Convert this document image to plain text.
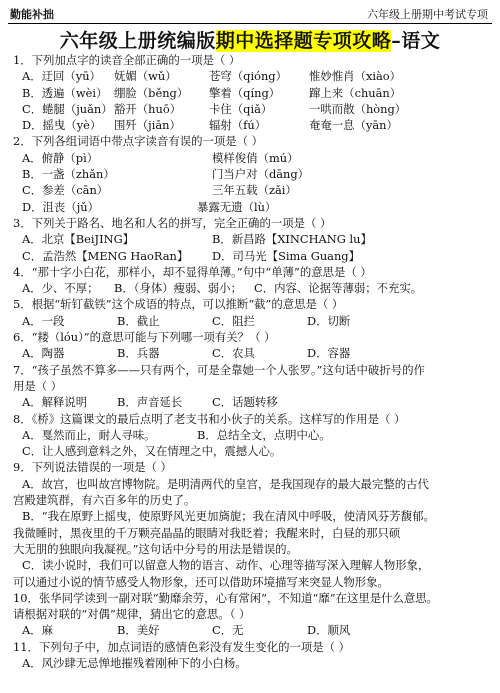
勤能补拙	六年级上册期中考试专项
六年级上册统编版期中选择题专项攻略–语文
1．下列加点字的读音全部正确的一项是（ ）
A．迂回（yū） 妩媚（wǔ）	苍穹（qióng） 惟妙惟肖（xiào）
B．透遍（wèi） 绷脸（běng） 擎着（qíng）	蹿上来（chuān）
C．蜷腿（juǎn）豁开（huō） 卡住（qiǎ）	一哄而散（hòng）
D．摇曳（yè） 围歼（jiān） 辐射（fú）	奄奄一息（yān）
2．下列各组词语中带点字读音有误的一项是（ ）
A．俯静（pì）	模样俊俏（mú）
B．一盏（zhǎn）	门当户对（dāng）
C．参差（cān）	三年五载（zǎi）
D．沮丧（jǔ）	暴露无遗（lù）
3．下列关于路名、地名和人名的拼写，完全正确的一项是（ ）
A．北京【BeiJING】	B．新昌路【XINCHANG lu】
C．孟浩然【MENG HaoRan】 D．司马光【Sima Guang】
4．“那十字小白花，那样小，却不显得单薄。”句中“单薄”的意思是（ ）
A．少、不厚； B．（身体）瘦弱、弱小； C．内容、论据等薄弱；不充实。
5．根据“斩钉截铁”这个成语的特点，可以推断“截”的意思是（ ）
A．一段	B．截止	C．阻拦	D．切断
6．“耧（lóu）”的意思可能与下列哪一项有关？（ ）
A．陶器	B．兵器	C．农具	D．容器
7．“孩子虽然不算多——只有两个，可是全靠她一个人张罗。”这句话中破折号的作
用是（ ）
A．解释说明	B．声音延长	C．话题转移
8．《桥》这篇课文的最后点明了老支书和小伙子的关系。这样写的作用是（ ）
A．戛然而止，耐人寻味。	B．总结全文，点明中心。
C．让人感到意料之外，又在情理之中，震撼人心。
9．下列说法错误的一项是（ ）
A．故宫，也叫故宫博物院。是明清两代的皇宫，是我国现存的最大最完整的古代
宫殿建筑群，有六百多年的历史了。
B．“我在原野上摇曳，使原野风光更加旖旎；我在清风中呼吸，使清风芬芳馥郁。
我微睡时，黑夜里的千万颗亮晶晶的眼睛对我眨着；我醒来时，白昼的那只硕
大无朋的独眼向我凝视。”这句话中分号的用法是错误的。
C．读小说时，我们可以留意人物的语言、动作、心理等描写深入理解人物形象，
可以通过小说的情节感受人物形象，还可以借助环境描写来突显人物形象。
10．张华同学读到一副对联“勤靡余劳，心有常闲”，不知道“靡”在这里是什么意思。
请根据对联的“对偶”规律，猜出它的意思。（ ）
A．麻	B．美好	C．无	D．顺风
11．下列句子中，加点词语的感情色彩没有发生变化的一项是（ ）
A．风沙肆无忌惮地摧残着刚种下的小白杨。
